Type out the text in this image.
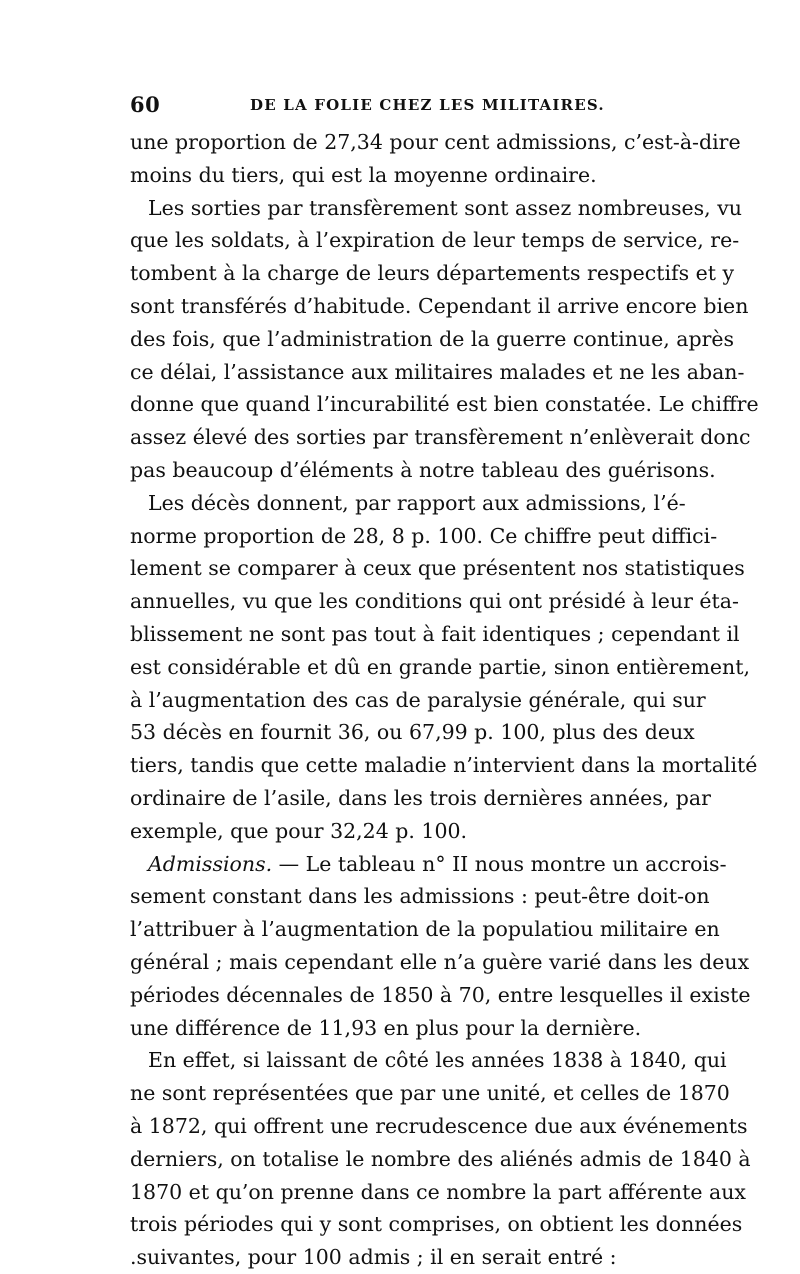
60	DE LA FOLIE CHEZ LES MILITAIRES.
une proportion de 27,34 pour cent admissions, c’est-à-dire
moins du tiers, qui est la moyenne ordinaire.
Les sorties par transfèrement sont assez nombreuses, vu
que les soldats, à l’expiration de leur temps de service, re-
tombent à la charge de leurs départements respectifs et y
sont transférés d’habitude. Cependant il arrive encore bien
des fois, que l’administration de la guerre continue, après
ce délai, l’assistance aux militaires malades et ne les aban-
donne que quand l’incurabilité est bien constatée. Le chiffre
assez élevé des sorties par transfèrement n’enlèverait donc
pas beaucoup d’éléments à notre tableau des guérisons.
Les décès donnent, par rapport aux admissions, l’é-
norme proportion de 28, 8 p. 100. Ce chiffre peut diffici-
lement se comparer à ceux que présentent nos statistiques
annuelles, vu que les conditions qui ont présidé à leur éta-
blissement ne sont pas tout à fait identiques ; cependant il
est considérable et dû en grande partie, sinon entièrement,
à l’augmentation des cas de paralysie générale, qui sur
53 décès en fournit 36, ou 67,99 p. 100, plus des deux
tiers, tandis que cette maladie n’intervient dans la mortalité
ordinaire de l’asile, dans les trois dernières années, par
exemple, que pour 32,24 p. 100.
Admissions. — Le tableau n° II nous montre un accrois-
sement constant dans les admissions : peut-être doit-on
l’attribuer à l’augmentation de la populatiou militaire en
général ; mais cependant elle n’a guère varié dans les deux
périodes décennales de 1850 à 70, entre lesquelles il existe
une différence de 11,93 en plus pour la dernière.
En effet, si laissant de côté les années 1838 à 1840, qui
ne sont représentées que par une unité, et celles de 1870
à 1872, qui offrent une recrudescence due aux événements
derniers, on totalise le nombre des aliénés admis de 1840 à
1870 et qu’on prenne dans ce nombre la part afférente aux
trois périodes qui y sont comprises, on obtient les données
.suivantes, pour 100 admis ; il en serait entré :
